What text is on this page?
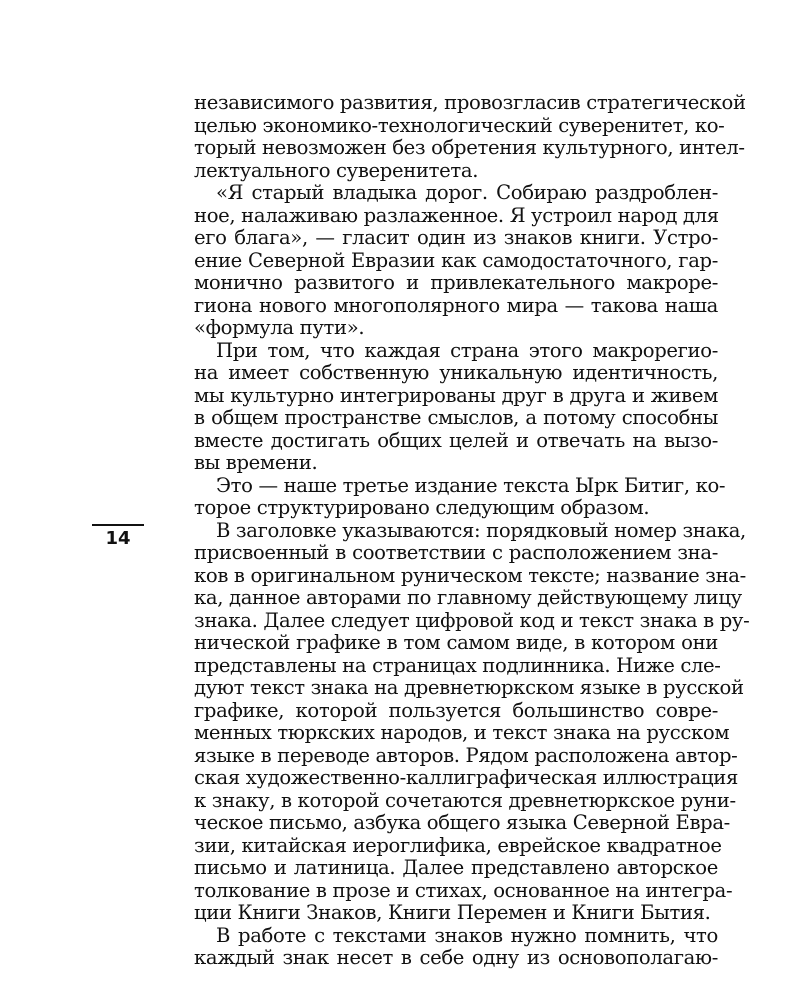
14
независимого развития, провозгласив стратегической
целью экономико-технологический суверенитет, ко-
торый невозможен без обретения культурного, интел-
лектуального суверенитета.
«Я старый владыка дорог. Собираю раздроблен-
ное, налаживаю разлаженное. Я устроил народ для
его блага», — гласит один из знаков книги. Устро-
ение Северной Евразии как самодостаточного, гар-
монично развитого и привлекательного макроре-
гиона нового многополярного мира — такова наша
«формула пути».
При том, что каждая страна этого макрорегио-
на имеет собственную уникальную идентичность,
мы культурно интегрированы друг в друга и живем
в общем пространстве смыслов, а потому способны
вместе достигать общих целей и отвечать на вызо-
вы времени.
Это — наше третье издание текста Ырк Битиг, ко-
торое структурировано следующим образом.
В заголовке указываются: порядковый номер знака,
присвоенный в соответствии с расположением зна-
ков в оригинальном руническом тексте; название зна-
ка, данное авторами по главному действующему лицу
знака. Далее следует цифровой код и текст знака в ру-
нической графике в том самом виде, в котором они
представлены на страницах подлинника. Ниже сле-
дуют текст знака на древнетюркском языке в русской
графике, которой пользуется большинство совре-
менных тюркских народов, и текст знака на русском
языке в переводе авторов. Рядом расположена автор-
ская художественно-каллиграфическая иллюстрация
к знаку, в которой сочетаются древнетюркское руни-
ческое письмо, азбука общего языка Северной Евра-
зии, китайская иероглифика, еврейское квадратное
письмо и латиница. Далее представлено авторское
толкование в прозе и стихах, основанное на интегра-
ции Книги Знаков, Книги Перемен и Книги Бытия.
В работе с текстами знаков нужно помнить, что
каждый знак несет в себе одну из основополагаю-
